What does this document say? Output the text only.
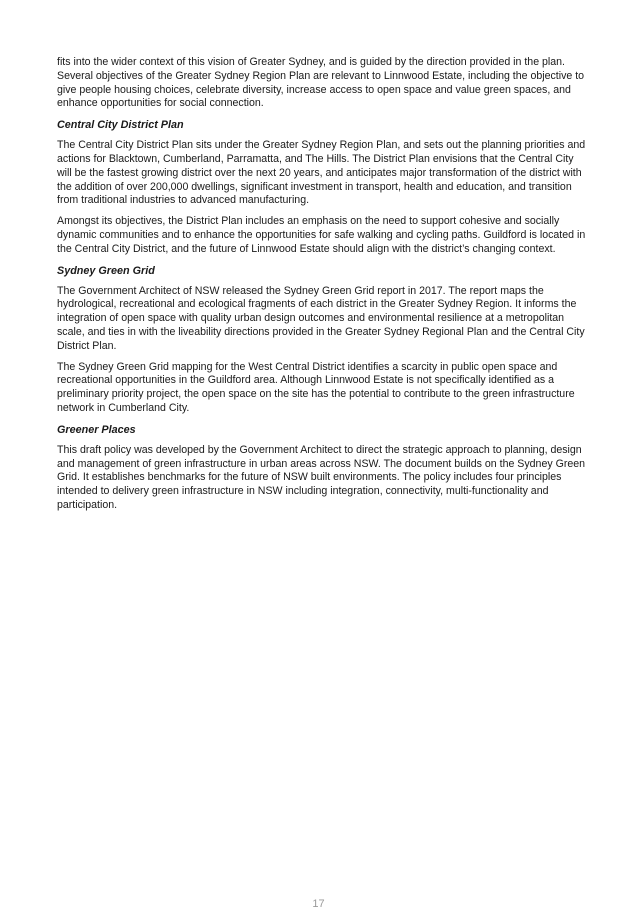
fits into the wider context of this vision of Greater Sydney, and is guided by the direction provided in the plan. Several objectives of the Greater Sydney Region Plan are relevant to Linnwood Estate, including the objective to give people housing choices, celebrate diversity, increase access to open space and value green spaces, and enhance opportunities for social connection.

Central City District Plan

The Central City District Plan sits under the Greater Sydney Region Plan, and sets out the planning priorities and actions for Blacktown, Cumberland, Parramatta, and The Hills. The District Plan envisions that the Central City will be the fastest growing district over the next 20 years, and anticipates major transformation of the district with the addition of over 200,000 dwellings, significant investment in transport, health and education, and transition from traditional industries to advanced manufacturing.

Amongst its objectives, the District Plan includes an emphasis on the need to support cohesive and socially dynamic communities and to enhance the opportunities for safe walking and cycling paths. Guildford is located in the Central City District, and the future of Linnwood Estate should align with the district’s changing context.

Sydney Green Grid

The Government Architect of NSW released the Sydney Green Grid report in 2017. The report maps the hydrological, recreational and ecological fragments of each district in the Greater Sydney Region. It informs the integration of open space with quality urban design outcomes and environmental resilience at a metropolitan scale, and ties in with the liveability directions provided in the Greater Sydney Regional Plan and the Central City District Plan.

The Sydney Green Grid mapping for the West Central District identifies a scarcity in public open space and recreational opportunities in the Guildford area. Although Linnwood Estate is not specifically identified as a preliminary priority project, the open space on the site has the potential to contribute to the green infrastructure network in Cumberland City.

Greener Places

This draft policy was developed by the Government Architect to direct the strategic approach to planning, design and management of green infrastructure in urban areas across NSW. The document builds on the Sydney Green Grid. It establishes benchmarks for the future of NSW built environments. The policy includes four principles intended to delivery green infrastructure in NSW including integration, connectivity, multi-functionality and participation.

17
